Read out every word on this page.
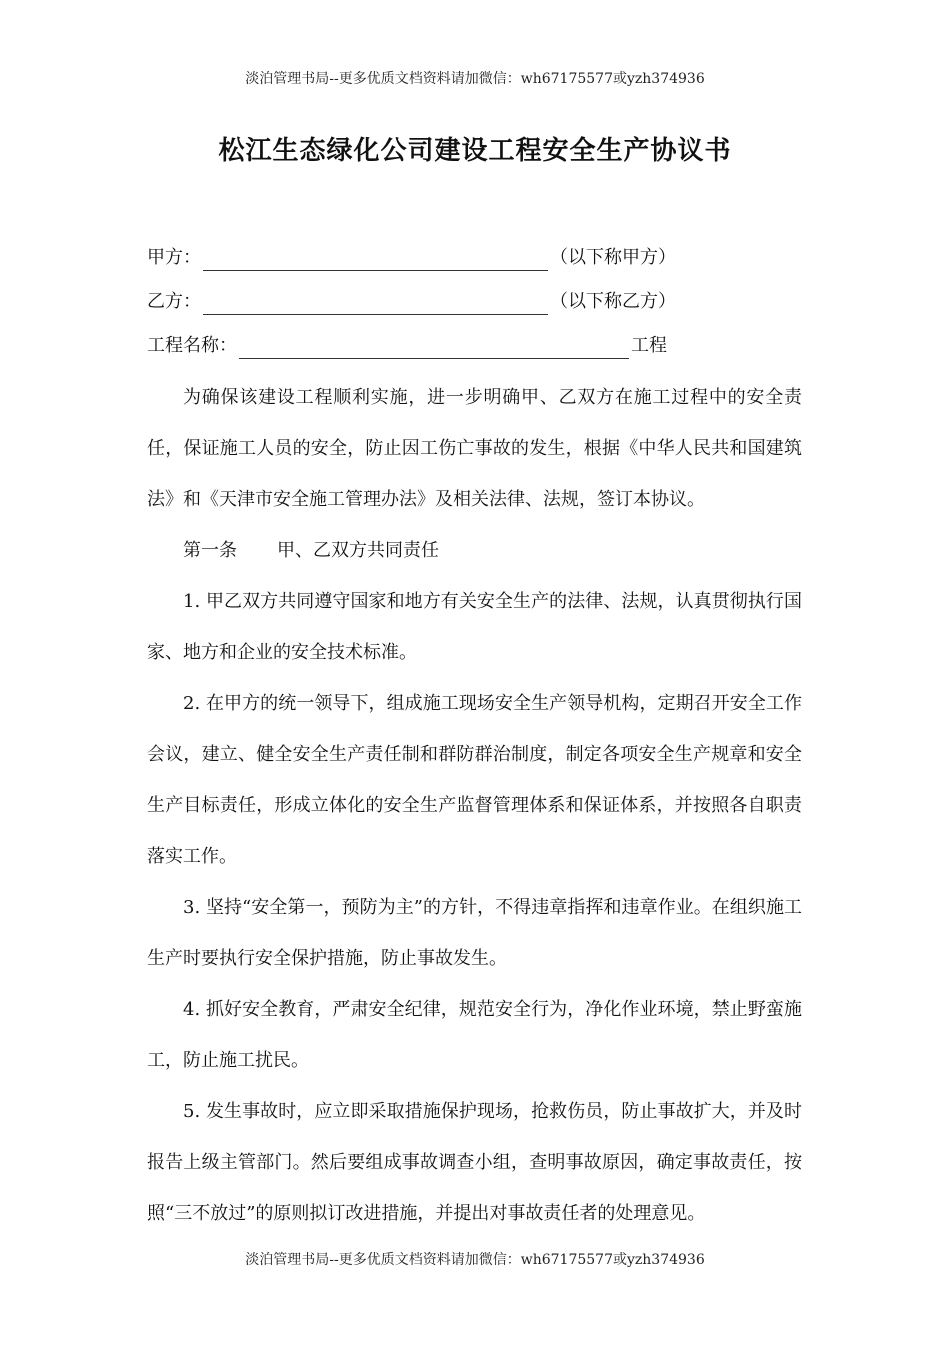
淡泊管理书局--更多优质文档资料请加微信：wh67175577或yzh374936
松江生态绿化公司建设工程安全生产协议书
甲方：	（以下称甲方）
乙方：	（以下称乙方）
工程名称：	工程
为确保该建设工程顺利实施，进一步明确甲、乙双方在施工过程中的安全责任，保证施工人员的安全，防止因工伤亡事故的发生，根据《中华人民共和国建筑法》和《天津市安全施工管理办法》及相关法律、法规，签订本协议。
第一条 甲、乙双方共同责任
1. 甲乙双方共同遵守国家和地方有关安全生产的法律、法规，认真贯彻执行国家、地方和企业的安全技术标准。
2. 在甲方的统一领导下，组成施工现场安全生产领导机构，定期召开安全工作会议，建立、健全安全生产责任制和群防群治制度，制定各项安全生产规章和安全生产目标责任，形成立体化的安全生产监督管理体系和保证体系，并按照各自职责落实工作。
3. 坚持“安全第一，预防为主”的方针，不得违章指挥和违章作业。在组织施工生产时要执行安全保护措施，防止事故发生。
4. 抓好安全教育，严肃安全纪律，规范安全行为，净化作业环境，禁止野蛮施工，防止施工扰民。
5. 发生事故时，应立即采取措施保护现场，抢救伤员，防止事故扩大，并及时报告上级主管部门。然后要组成事故调查小组，查明事故原因，确定事故责任，按照“三不放过”的原则拟订改进措施，并提出对事故责任者的处理意见。
淡泊管理书局--更多优质文档资料请加微信：wh67175577或yzh374936
